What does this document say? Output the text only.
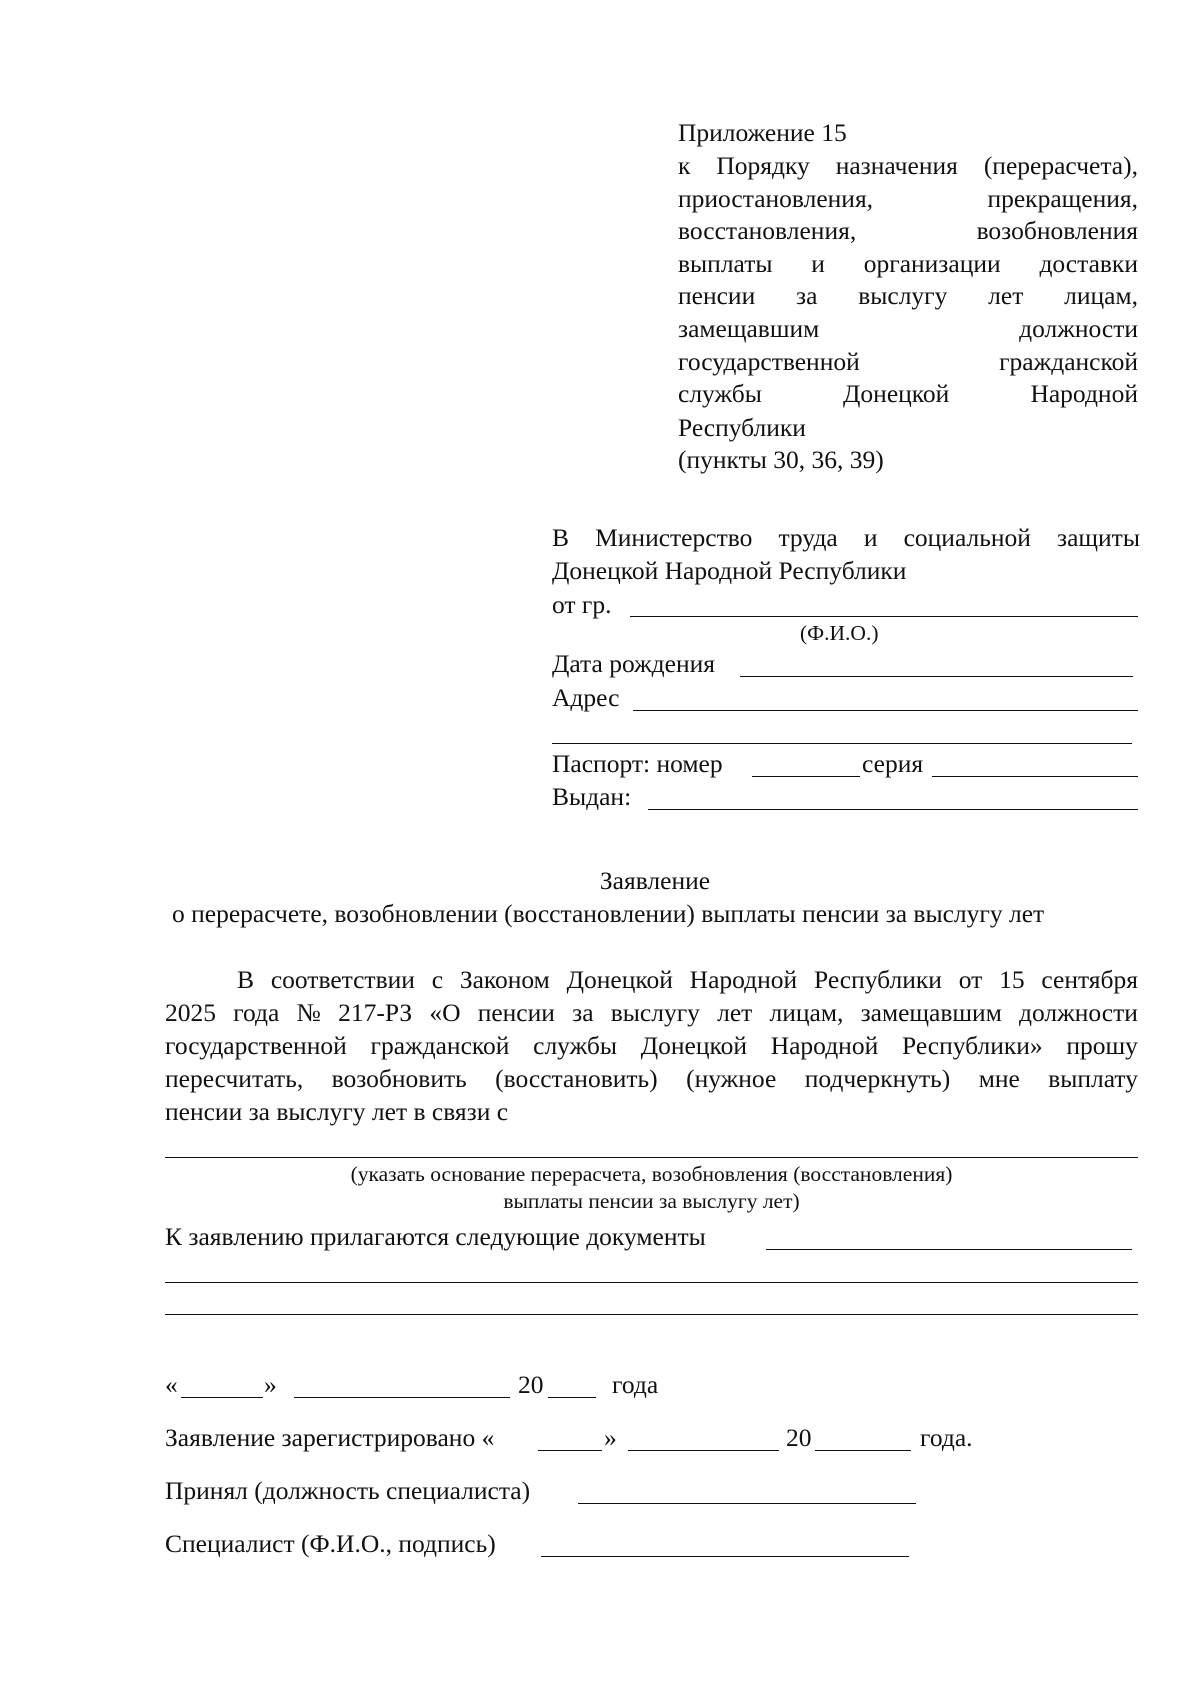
Приложение 15
к Порядку назначения (перерасчета),
приостановления,	прекращения,
восстановления,	возобновления
выплаты и организации доставки
пенсии за выслугу лет лицам,
замещавшим	должности
государственной	гражданской
службы	Донецкой	Народной
Республики
(пункты 30, 36, 39)
В Министерство труда и социальной защиты
Донецкой Народной Республики
от гр.
(Ф.И.О.)
Дата рождения
Адрес
Паспорт: номер	серия
Выдан:
Заявление
о перерасчете, возобновлении (восстановлении) выплаты пенсии за выслугу лет
В соответствии с Законом Донецкой Народной Республики от 15 сентября
2025 года № 217-РЗ «О пенсии за выслугу лет лицам, замещавшим должности
государственной гражданской службы Донецкой Народной Республики» прошу
пересчитать, возобновить (восстановить) (нужное подчеркнуть) мне выплату
пенсии за выслугу лет в связи с
(указать основание перерасчета, возобновления (восстановления)
выплаты пенсии за выслугу лет)
К заявлению прилагаются следующие документы
«	»	20	года
Заявление зарегистрировано «	»	20	года.
Принял (должность специалиста)
Специалист (Ф.И.О., подпись)
